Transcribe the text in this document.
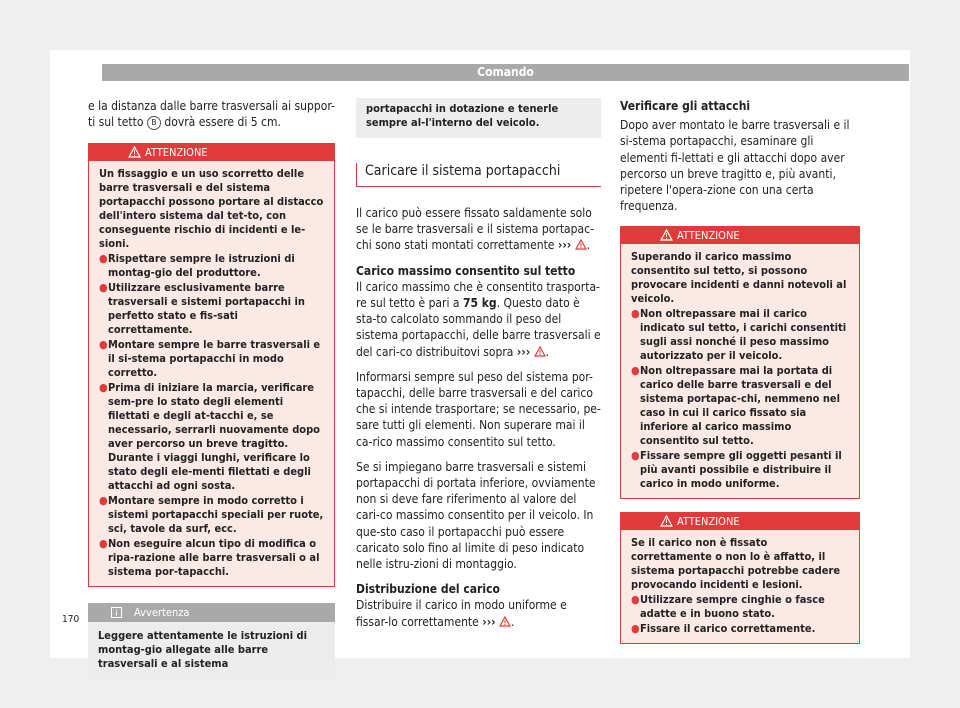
Comando

e la distanza dalle barre trasversali ai suppor-ti sul tetto B dovrà essere di 5 cm.

ATTENZIONE

Un fissaggio e un uso scorretto delle barre trasversali e del sistema portapacchi possono portare al distacco dell'intero sistema dal tet-to, con conseguente rischio di incidenti e le-sioni.

● Rispettare sempre le istruzioni di montag-gio del produttore.
● Utilizzare esclusivamente barre trasversali e sistemi portapacchi in perfetto stato e fis-sati correttamente.
● Montare sempre le barre trasversali e il si-stema portapacchi in modo corretto.
● Prima di iniziare la marcia, verificare sem-pre lo stato degli elementi filettati e degli at-tacchi e, se necessario, serrarli nuovamente dopo aver percorso un breve tragitto. Durante i viaggi lunghi, verificare lo stato degli ele-menti filettati e degli attacchi ad ogni sosta.
● Montare sempre in modo corretto i sistemi portapacchi speciali per ruote, sci, tavole da surf, ecc.
● Non eseguire alcun tipo di modifica o ripa-razione alle barre trasversali o al sistema por-tapacchi.
Avvertenza
Leggere attentamente le istruzioni di montag-gio allegate alle barre trasversali e al sistema
portapacchi in dotazione e tenerle sempre al-l'interno del veicolo.
Caricare il sistema portapacchi

Il carico può essere fissato saldamente solo se le barre trasversali e il sistema portapac-chi sono stati montati correttamente ››› .

Carico massimo consentito sul tetto

Il carico massimo che è consentito trasporta-re sul tetto è pari a 75 kg. Questo dato è sta-to calcolato sommando il peso del sistema portapacchi, delle barre trasversali e del cari-co distribuitovi sopra ››› .

Informarsi sempre sul peso del sistema por-tapacchi, delle barre trasversali e del carico che si intende trasportare; se necessario, pe-sare tutti gli elementi. Non superare mai il ca-rico massimo consentito sul tetto.

Se si impiegano barre trasversali e sistemi portapacchi di portata inferiore, ovviamente non si deve fare riferimento al valore del cari-co massimo consentito per il veicolo. In que-sto caso il portapacchi può essere caricato solo fino al limite di peso indicato nelle istru-zioni di montaggio.

Distribuzione del carico

Distribuire il carico in modo uniforme e fissar-lo correttamente ››› .

Verificare gli attacchi

Dopo aver montato le barre trasversali e il si-stema portapacchi, esaminare gli elementi fi-lettati e gli attacchi dopo aver percorso un breve tragitto e, più avanti, ripetere l'opera-zione con una certa frequenza.

ATTENZIONE

Superando il carico massimo consentito sul tetto, si possono provocare incidenti e danni notevoli al veicolo.

● Non oltrepassare mai il carico indicato sul tetto, i carichi consentiti sugli assi nonché il peso massimo autorizzato per il veicolo.
● Non oltrepassare mai la portata di carico delle barre trasversali e del sistema portapac-chi, nemmeno nel caso in cui il carico fissato sia inferiore al carico massimo consentito sul tetto.
● Fissare sempre gli oggetti pesanti il più avanti possibile e distribuire il carico in modo uniforme.
ATTENZIONE

Se il carico non è fissato correttamente o non lo è affatto, il sistema portapacchi potrebbe cadere provocando incidenti e lesioni.

● Utilizzare sempre cinghie o fasce adatte e in buono stato.
● Fissare il carico correttamente.
170
